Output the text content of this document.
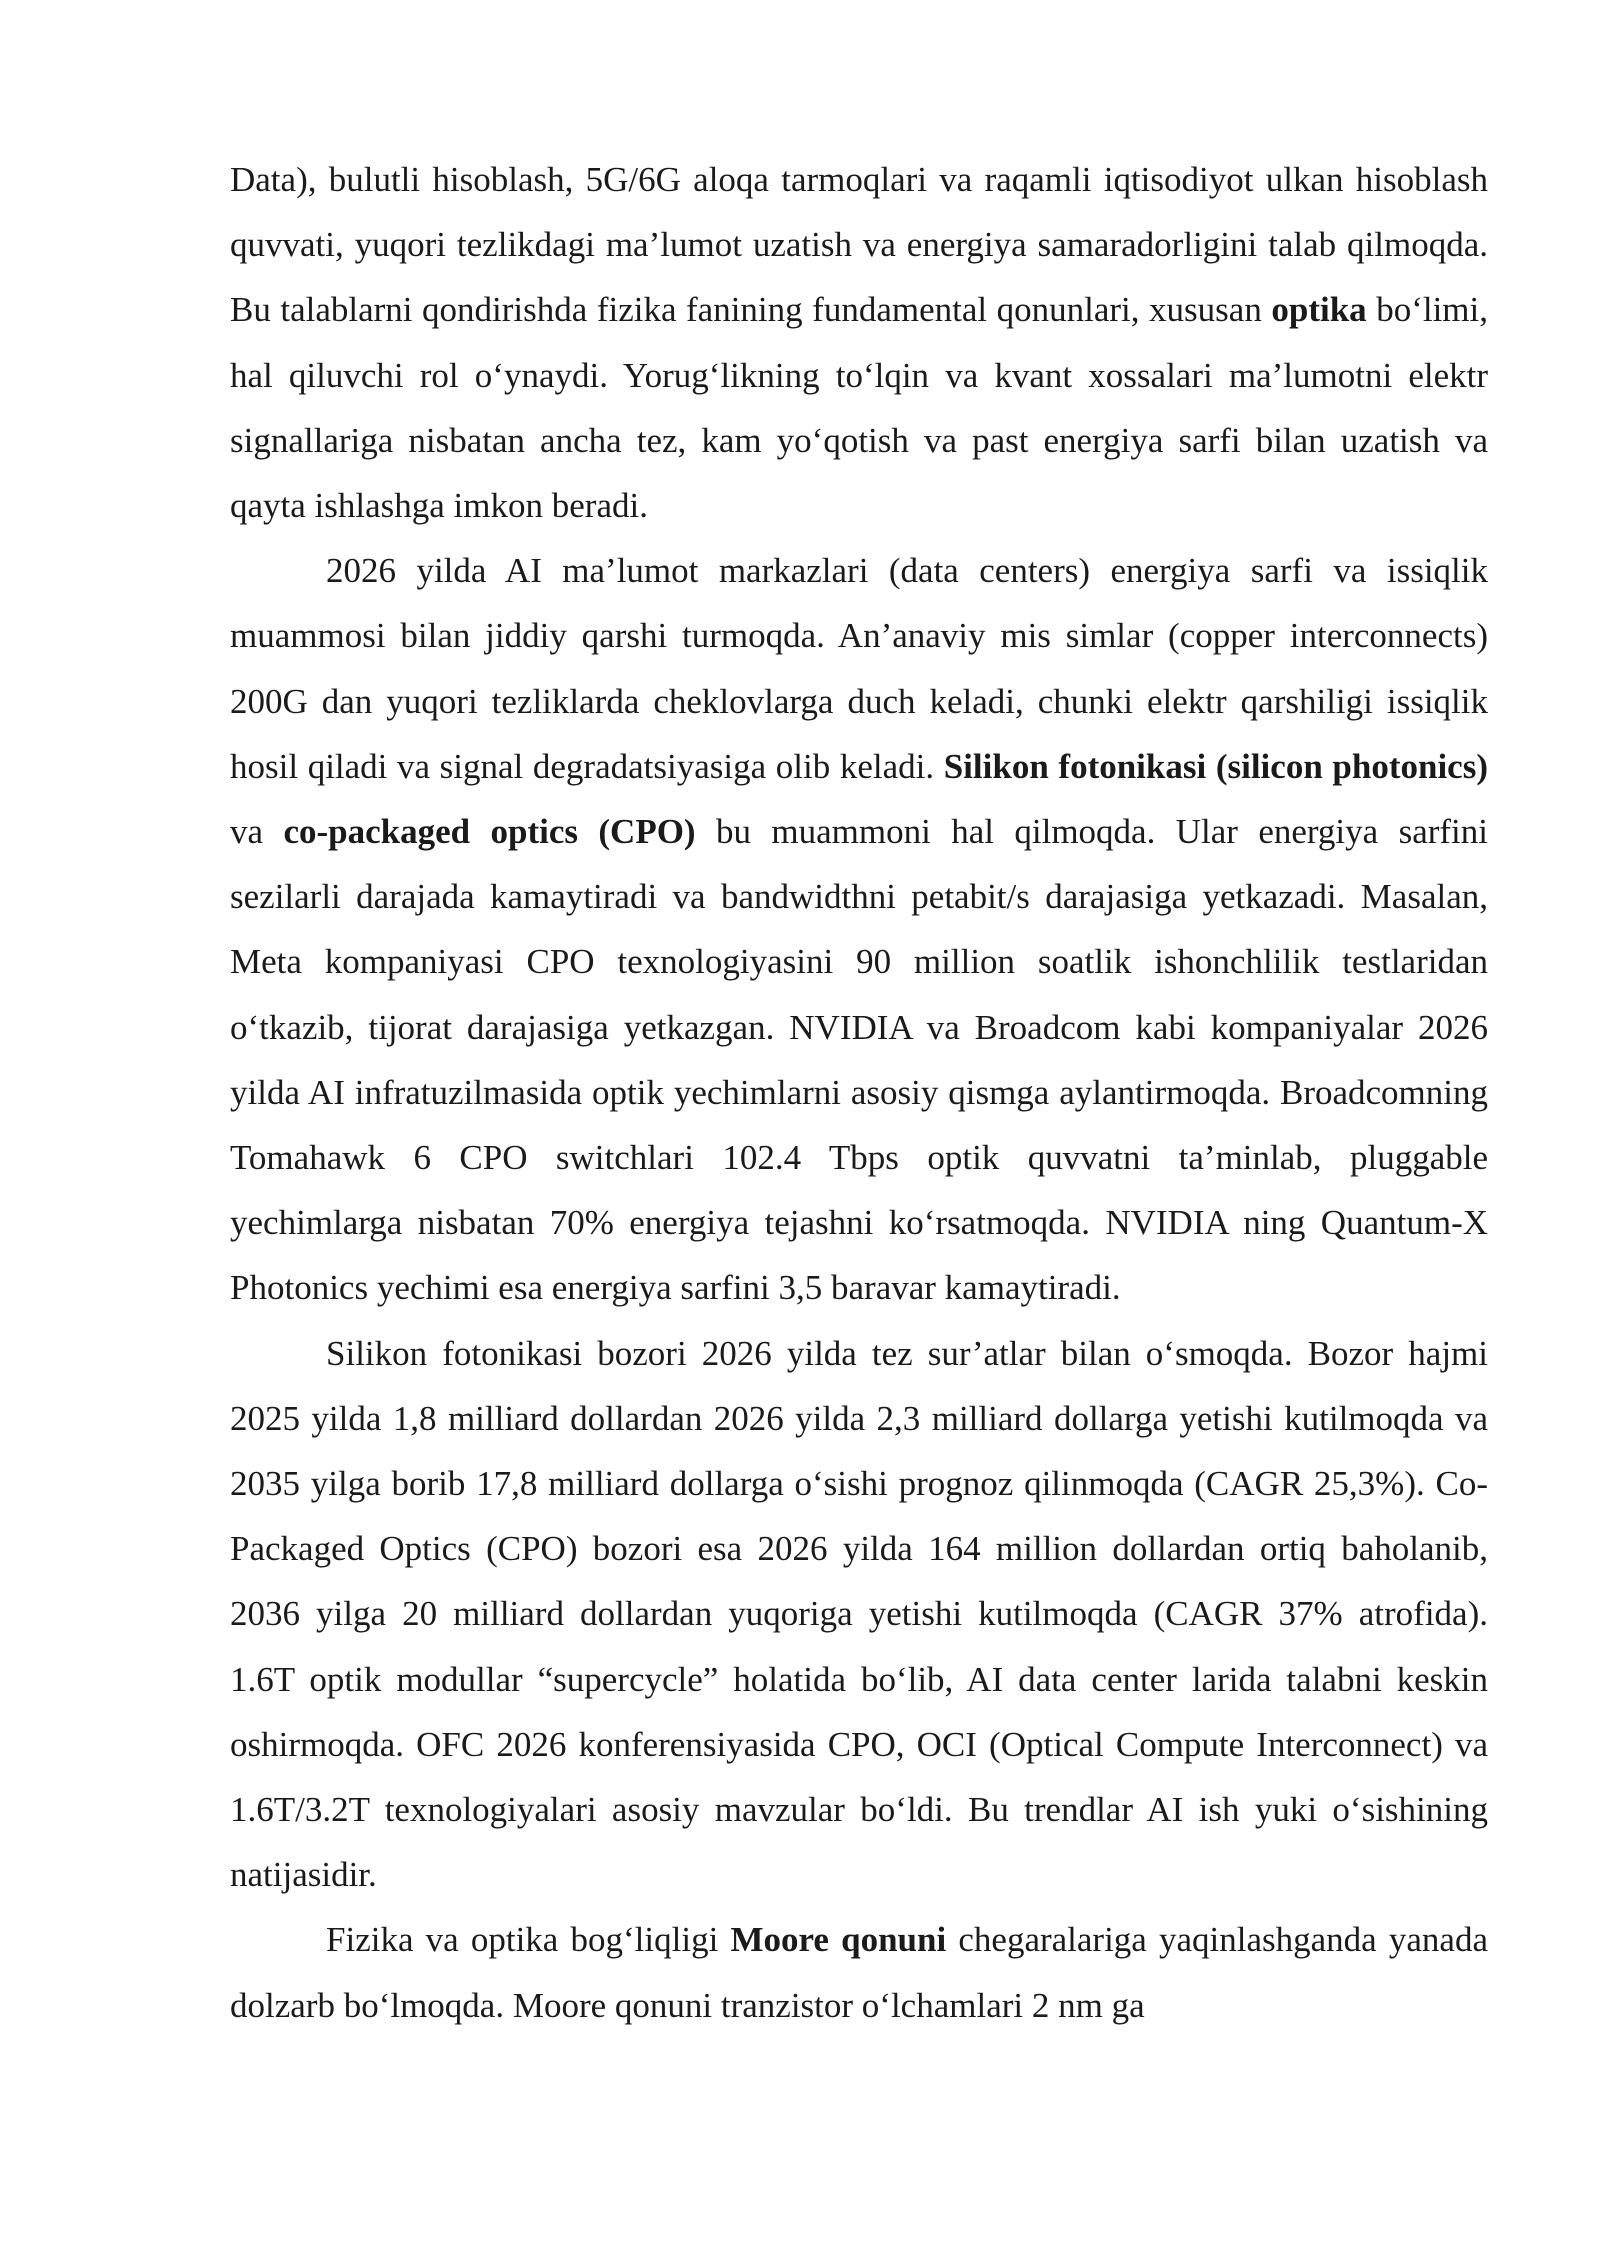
Data), bulutli hisoblash, 5G/6G aloqa tarmoqlari va raqamli iqtisodiyot ulkan hisoblash quvvati, yuqori tezlikdagi ma’lumot uzatish va energiya samaradorligini talab qilmoqda. Bu talablarni qondirishda fizika fanining fundamental qonunlari, xususan optika bo‘limi, hal qiluvchi rol o‘ynaydi. Yorug‘likning to‘lqin va kvant xossalari ma’lumotni elektr signallariga nisbatan ancha tez, kam yo‘qotish va past energiya sarfi bilan uzatish va qayta ishlashga imkon beradi.

2026 yilda AI ma’lumot markazlari (data centers) energiya sarfi va issiqlik muammosi bilan jiddiy qarshi turmoqda. An’anaviy mis simlar (copper interconnects) 200G dan yuqori tezliklarda cheklovlarga duch keladi, chunki elektr qarshiligi issiqlik hosil qiladi va signal degradatsiyasiga olib keladi. Silikon fotonikasi (silicon photonics) va co-packaged optics (CPO) bu muammoni hal qilmoqda. Ular energiya sarfini sezilarli darajada kamaytiradi va bandwidthni petabit/s darajasiga yetkazadi. Masalan, Meta kompaniyasi CPO texnologiyasini 90 million soatlik ishonchlilik testlaridan o‘tkazib, tijorat darajasiga yetkazgan. NVIDIA va Broadcom kabi kompaniyalar 2026 yilda AI infratuzilmasida optik yechimlarni asosiy qismga aylantirmoqda. Broadcomning Tomahawk 6 CPO switchlari 102.4 Tbps optik quvvatni ta’minlab, pluggable yechimlarga nisbatan 70% energiya tejashni ko‘rsatmoqda. NVIDIA ning Quantum-X Photonics yechimi esa energiya sarfini 3,5 baravar kamaytiradi.

Silikon fotonikasi bozori 2026 yilda tez sur’atlar bilan o‘smoqda. Bozor hajmi 2025 yilda 1,8 milliard dollardan 2026 yilda 2,3 milliard dollarga yetishi kutilmoqda va 2035 yilga borib 17,8 milliard dollarga o‘sishi prognoz qilinmoqda (CAGR 25,3%). Co-Packaged Optics (CPO) bozori esa 2026 yilda 164 million dollardan ortiq baholanib, 2036 yilga 20 milliard dollardan yuqoriga yetishi kutilmoqda (CAGR 37% atrofida). 1.6T optik modullar “supercycle” holatida bo‘lib, AI data center larida talabni keskin oshirmoqda. OFC 2026 konferensiyasida CPO, OCI (Optical Compute Interconnect) va 1.6T/3.2T texnologiyalari asosiy mavzular bo‘ldi. Bu trendlar AI ish yuki o‘sishining natijasidir.

Fizika va optika bog‘liqligi Moore qonuni chegaralariga yaqinlashganda yanada dolzarb bo‘lmoqda. Moore qonuni tranzistor o‘lchamlari 2 nm ga
